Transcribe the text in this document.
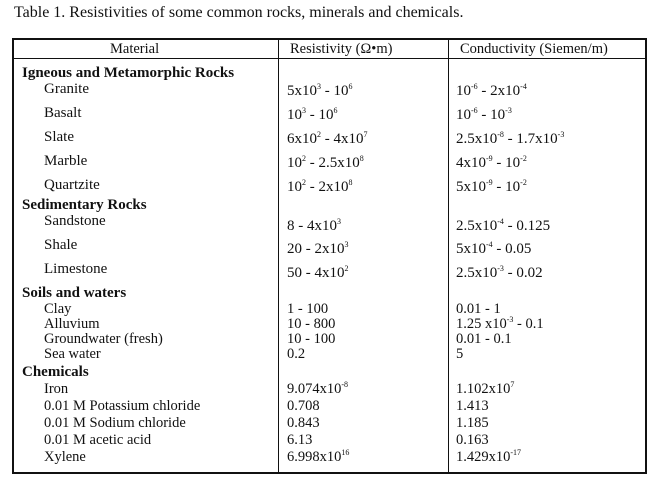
Table 1. Resistivities of some common rocks, minerals and chemicals.
Material	Resistivity (Ω•m)	Conductivity (Siemen/m)
Igneous and Metamorphic Rocks
Granite	$5x10^3 - 10^6$	$10^{-6} - 2x10^{-4}$
Basalt	$10^3 - 10^6$	$10^{-6} - 10^{-3}$
Slate	$6x10^2 - 4x10^7$	$2.5x10^{-8} - 1.7x10^{-3}$
Marble	$10^2 - 2.5x10^8$	$4x10^{-9} - 10^{-2}$
Quartzite	$10^2 - 2x10^8$	$5x10^{-9} - 10^{-2}$
Sedimentary Rocks
Sandstone	$8 - 4x10^3$	$2.5x10^{-4} - 0.125$
Shale	$20 - 2x10^3$	$5x10^{-4} - 0.05$
Limestone	$50 - 4x10^2$	$2.5x10^{-3} - 0.02$
Soils and waters
Clay	1 - 100	0.01 - 1
Alluvium	10 - 800	1.25 $x10^{-3} - 0.1$
Groundwater (fresh)	10 - 100	0.01 - 0.1
Sea water	0.2	5
Chemicals
Iron	$9.074x10^{-8}$	$1.102x10^7$
0.01 M Potassium chloride	0.708	1.413
0.01 M Sodium chloride	0.843	1.185
0.01 M acetic acid	6.13	0.163
Xylene	$6.998x10^{16}$	$1.429x10^{-17}$
